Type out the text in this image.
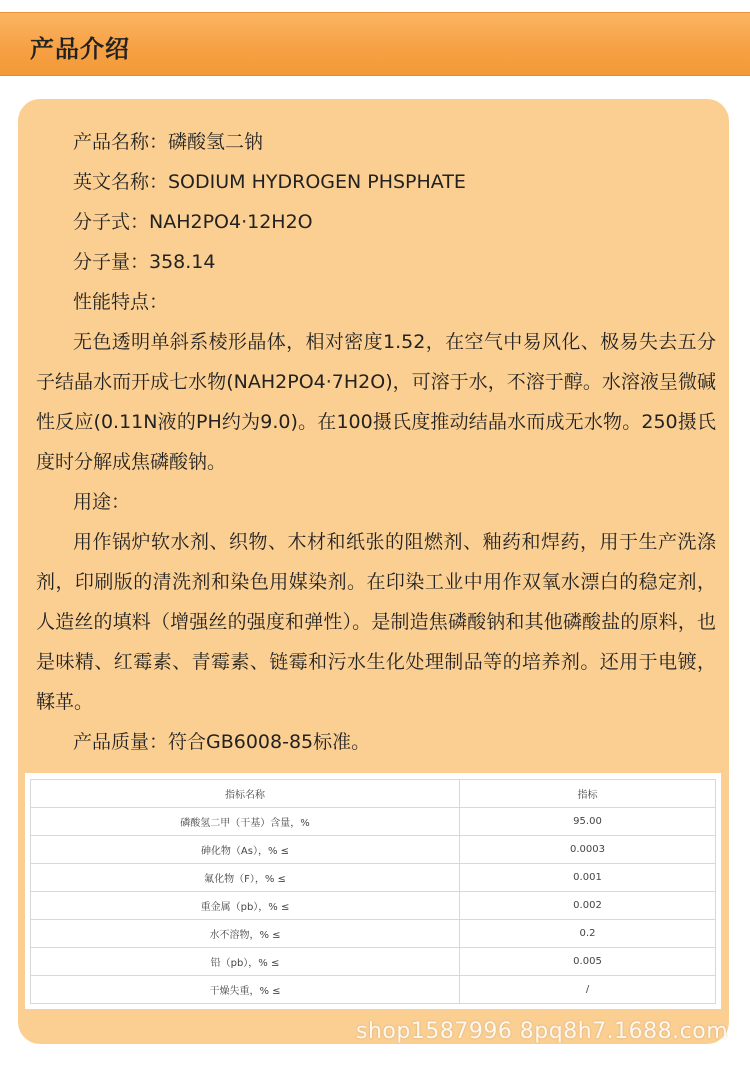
产品介绍

产品名称：磷酸氢二钠

英文名称：SODIUM HYDROGEN PHSPHATE

分子式：NAH2PO4·12H2O

分子量：358.14

性能特点：

无色透明单斜系棱形晶体，相对密度1.52，在空气中易风化、极易失去五分子结晶水而开成七水物(NAH2PO4·7H2O)，可溶于水，不溶于醇。水溶液呈微碱性反应(0.11N液的PH约为9.0)。在100摄氏度推动结晶水而成无水物。250摄氏度时分解成焦磷酸钠。

用途：

用作锅炉软水剂、织物、木材和纸张的阻燃剂、釉药和焊药，用于生产洗涤剂，印刷版的清洗剂和染色用媒染剂。在印染工业中用作双氧水漂白的稳定剂，人造丝的填料（增强丝的强度和弹性）。是制造焦磷酸钠和其他磷酸盐的原料，也是味精、红霉素、青霉素、链霉和污水生化处理制品等的培养剂。还用于电镀，鞣革。

产品质量：符合GB6008-85标准。

指标名称	指标
磷酸氢二甲（干基）含量，%	95.00
砷化物（As），% ≤	0.0003
氟化物（F），% ≤	0.001
重金属（pb），% ≤	0.002
水不溶物，% ≤	0.2
铅（pb），% ≤	0.005
干燥失重，% ≤	/
shop1587996 8pq8h7.1688.com
